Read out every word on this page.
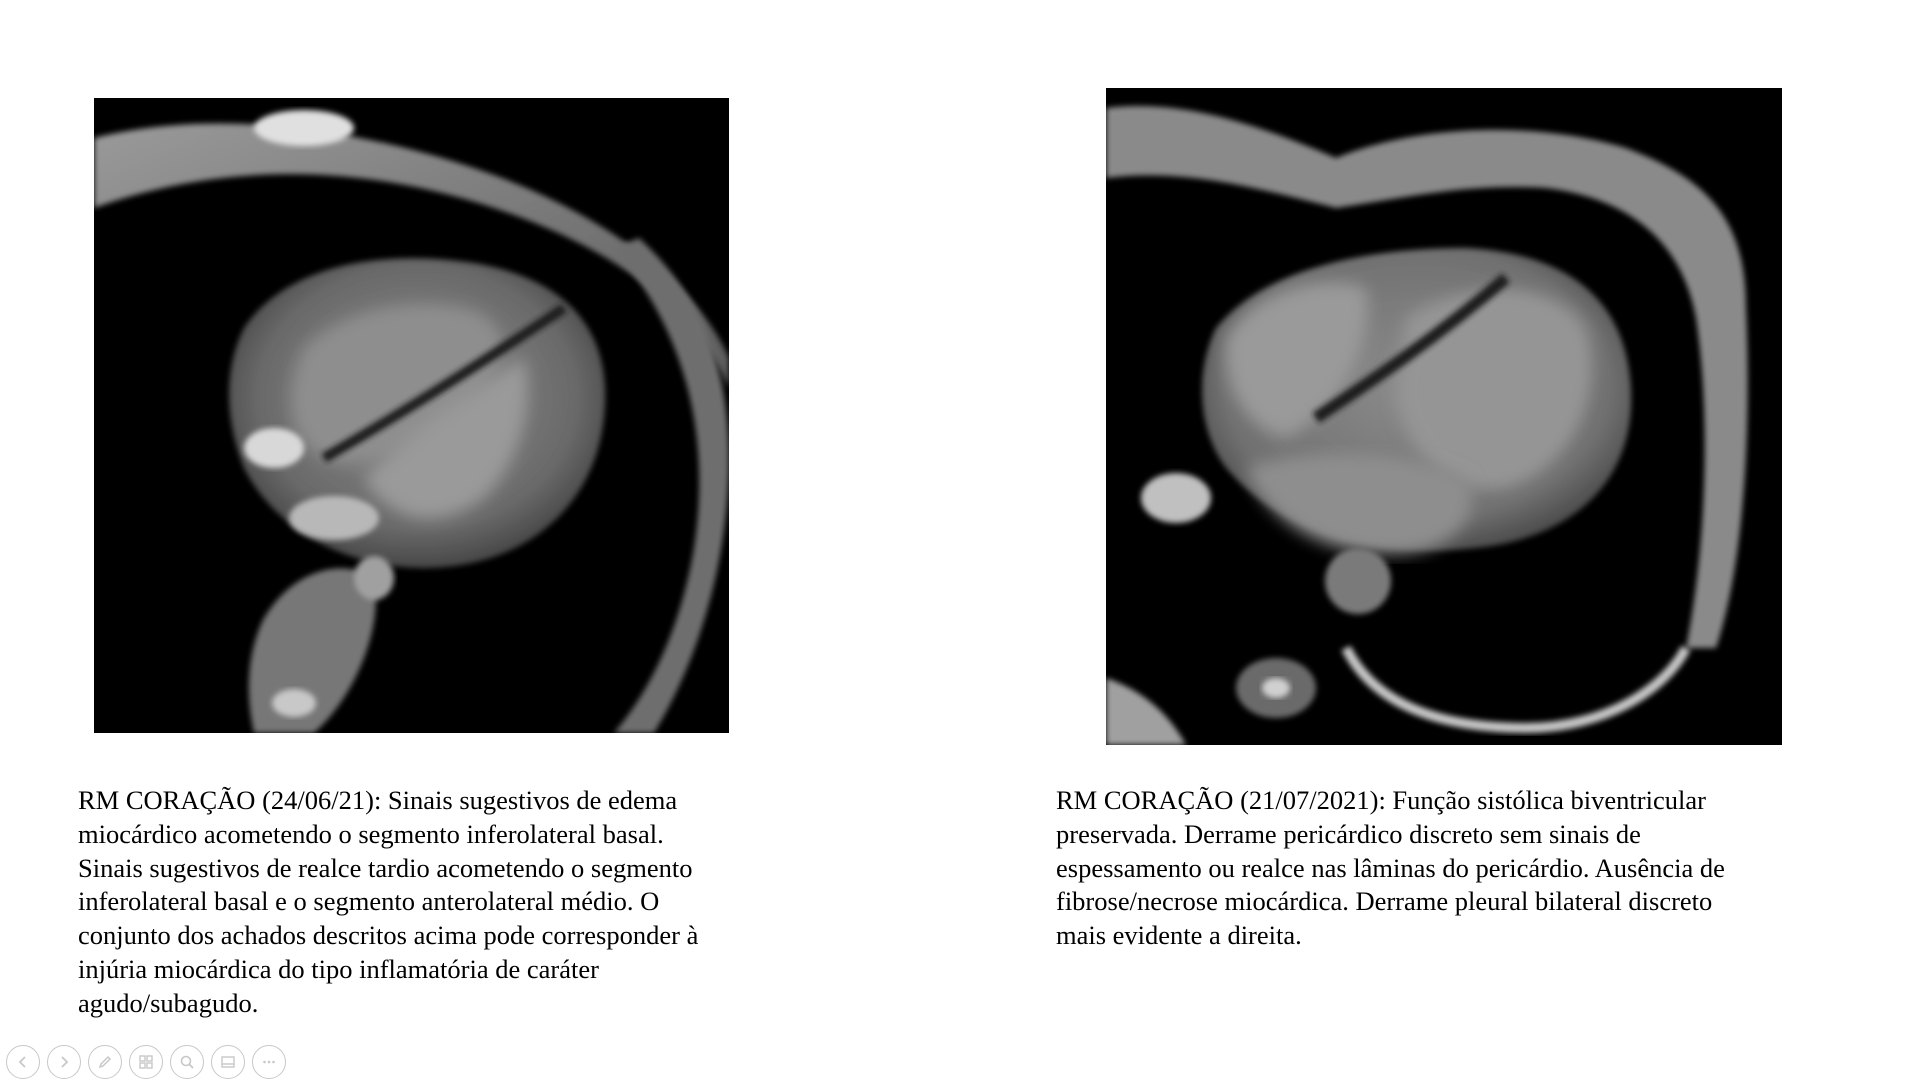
RM CORAÇÃO (24/06/21): Sinais sugestivos de edema
miocárdico acometendo o segmento inferolateral basal.
Sinais sugestivos de realce tardio acometendo o segmento
inferolateral basal e o segmento anterolateral médio. O
conjunto dos achados descritos acima pode corresponder à
injúria miocárdica do tipo inflamatória de caráter
agudo/subagudo.
RM CORAÇÃO (21/07/2021): Função sistólica biventricular
preservada. Derrame pericárdico discreto sem sinais de
espessamento ou realce nas lâminas do pericárdio. Ausência de
fibrose/necrose miocárdica. Derrame pleural bilateral discreto
mais evidente a direita.
